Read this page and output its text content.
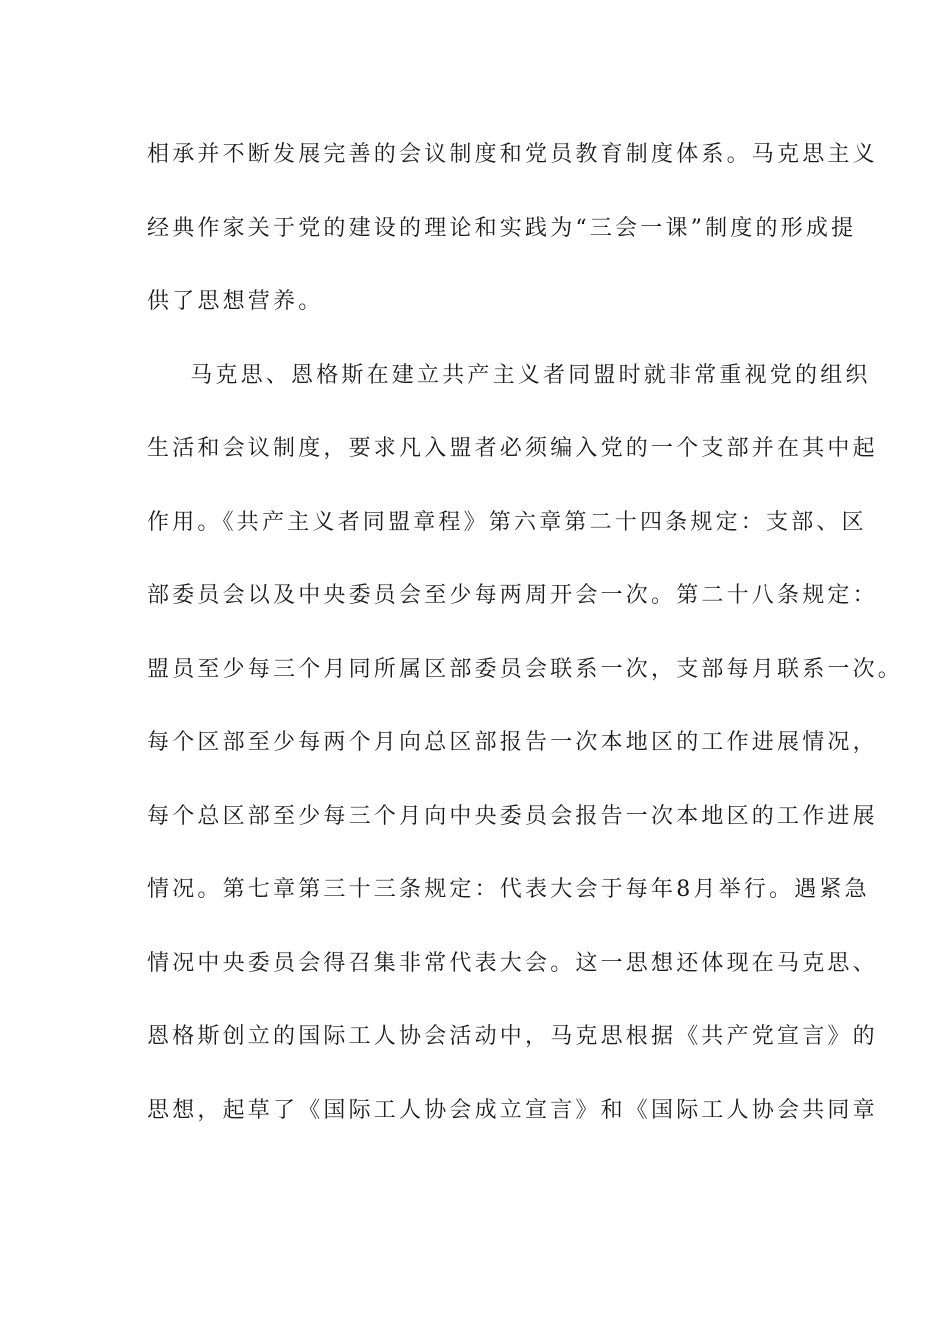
相承并不断发展完善的会议制度和党员教育制度体系。马克思主义
经典作家关于党的建设的理论和实践为“三会一课”制度的形成提
供了思想营养。
　马克思、恩格斯在建立共产主义者同盟时就非常重视党的组织
生活和会议制度，要求凡入盟者必须编入党的一个支部并在其中起
作用。《共产主义者同盟章程》第六章第二十四条规定：支部、区
部委员会以及中央委员会至少每两周开会一次。第二十八条规定：
盟员至少每三个月同所属区部委员会联系一次，支部每月联系一次。
每个区部至少每两个月向总区部报告一次本地区的工作进展情况，
每个总区部至少每三个月向中央委员会报告一次本地区的工作进展
情况。第七章第三十三条规定：代表大会于每年8月举行。遇紧急
情况中央委员会得召集非常代表大会。这一思想还体现在马克思、
恩格斯创立的国际工人协会活动中，马克思根据《共产党宣言》的
思想，起草了《国际工人协会成立宣言》和《国际工人协会共同章
